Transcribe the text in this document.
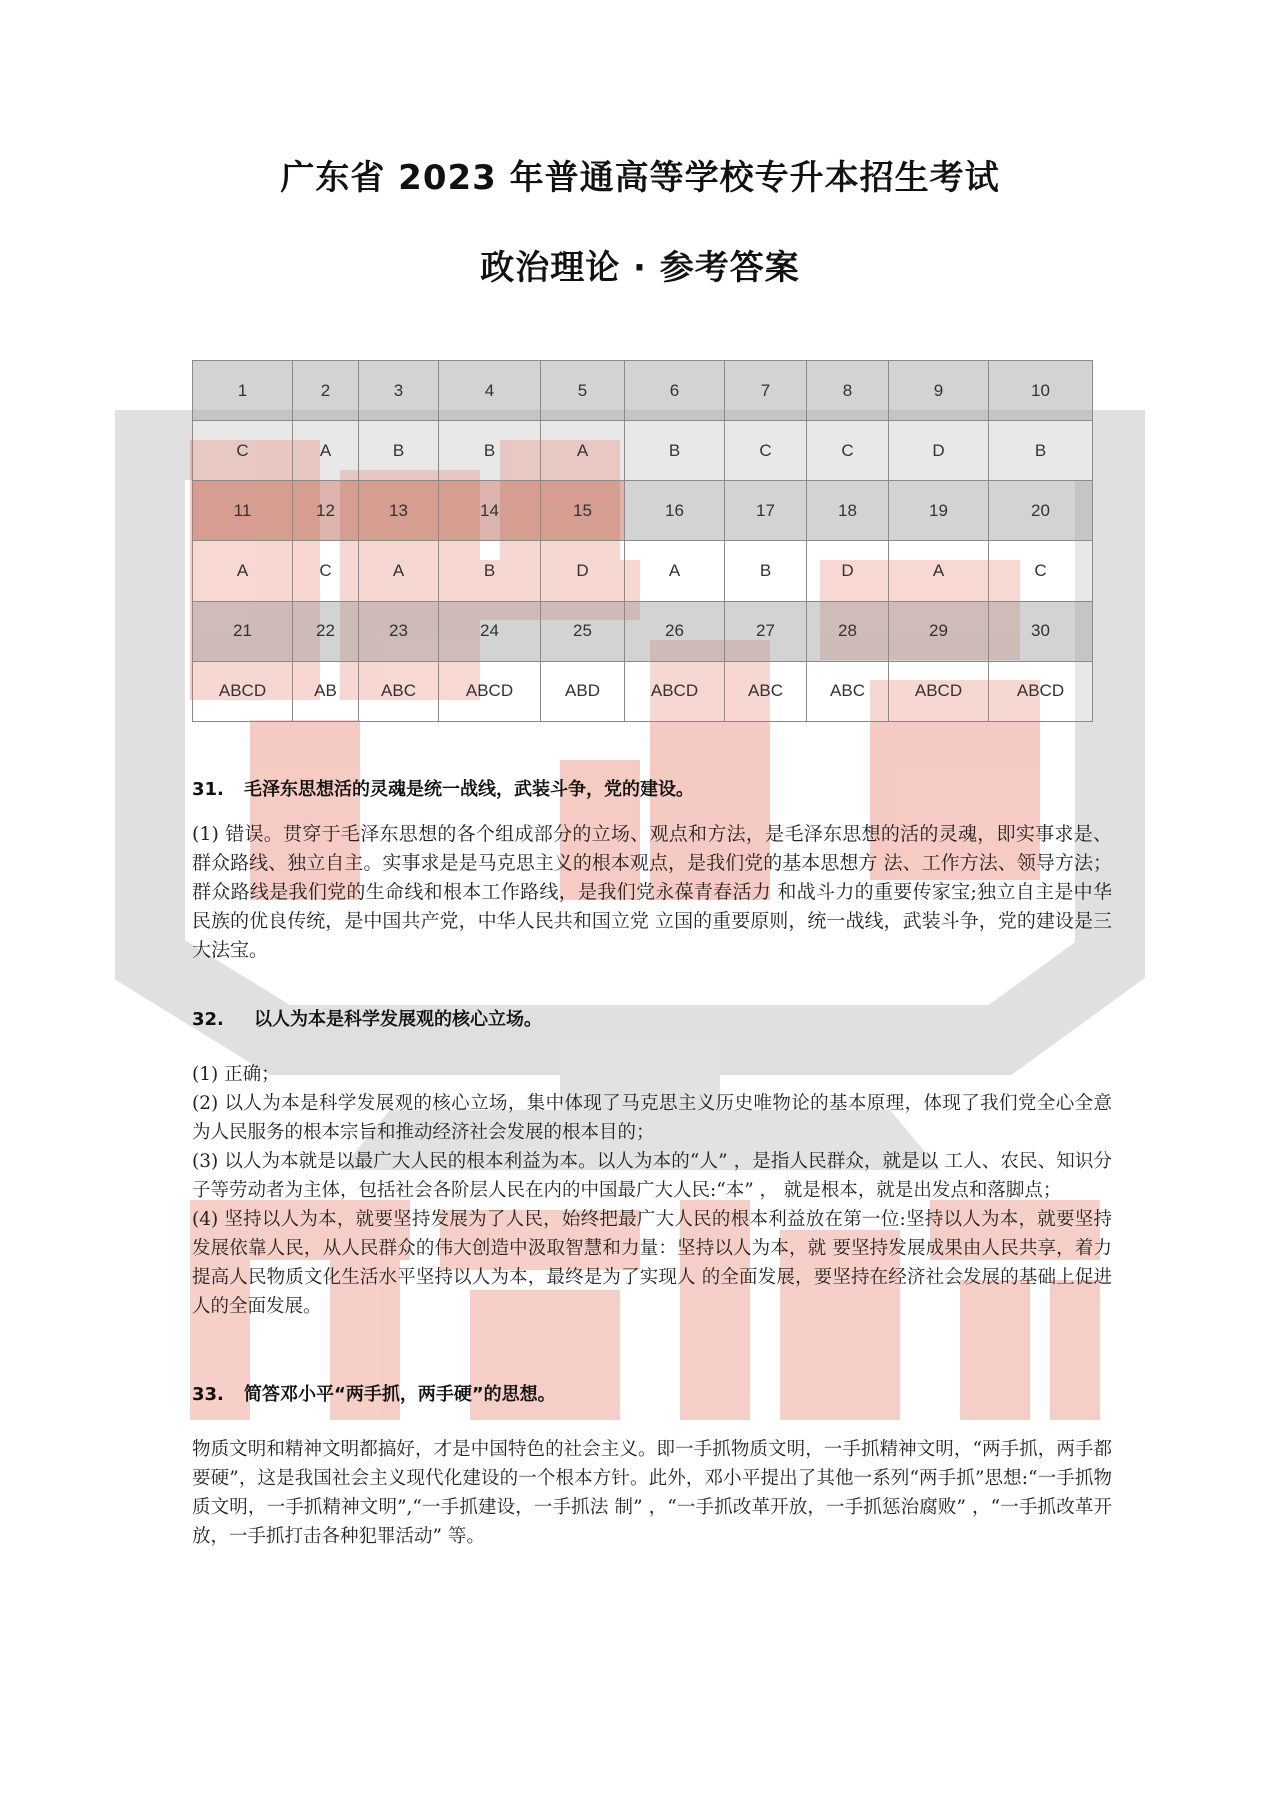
广东省 2023 年普通高等学校专升本招生考试
政治理论 · 参考答案
1	2	3	4	5	6	7	8	9	10
C	A	B	B	A	B	C	C	D	B
11	12	13	14	15	16	17	18	19	20
A	C	A	B	D	A	B	D	A	C
21	22	23	24	25	26	27	28	29	30
ABCD	AB	ABC	ABCD	ABD	ABCD	ABC	ABC	ABCD	ABCD
31. 毛泽东思想活的灵魂是统一战线，武装斗争，党的建设。

(1) 错误。贯穿于毛泽东思想的各个组成部分的立场、观点和方法，是毛泽东思想的活的灵魂，即实事求是、群众路线、独立自主。实事求是是马克思主义的根本观点，是我们党的基本思想方 法、工作方法、领导方法；群众路线是我们党的生命线和根本工作路线，是我们党永葆青春活力 和战斗力的重要传家宝;独立自主是中华民族的优良传统，是中国共产党，中华人民共和国立党 立国的重要原则，统一战线，武装斗争，党的建设是三大法宝。

32. 以人为本是科学发展观的核心立场。

(1) 正确；

(2) 以人为本是科学发展观的核心立场，集中体现了马克思主义历史唯物论的基本原理，体现了我们党全心全意为人民服务的根本宗旨和推动经济社会发展的根本目的；

(3) 以人为本就是以最广大人民的根本利益为本。以人为本的“人” ，是指人民群众，就是以 工人、农民、知识分子等劳动者为主体，包括社会各阶层人民在内的中国最广大人民:“本” ， 就是根本，就是出发点和落脚点；

(4) 坚持以人为本，就要坚持发展为了人民，始终把最广大人民的根本利益放在第一位:坚持以人为本，就要坚持发展依靠人民，从人民群众的伟大创造中汲取智慧和力量：坚持以人为本，就 要坚持发展成果由人民共享，着力提高人民物质文化生活水平坚持以人为本，最终是为了实现人 的全面发展，要坚持在经济社会发展的基础上促进人的全面发展。

33. 简答邓小平“两手抓，两手硬”的思想。

物质文明和精神文明都搞好，才是中国特色的社会主义。即一手抓物质文明，一手抓精神文明，“两手抓，两手都要硬”，这是我国社会主义现代化建设的一个根本方针。此外，邓小平提出了其他一系列“两手抓”思想:“一手抓物质文明，一手抓精神文明”,“一手抓建设，一手抓法 制” ，“一手抓改革开放，一手抓惩治腐败” ，“一手抓改革开放，一手抓打击各种犯罪活动” 等。
